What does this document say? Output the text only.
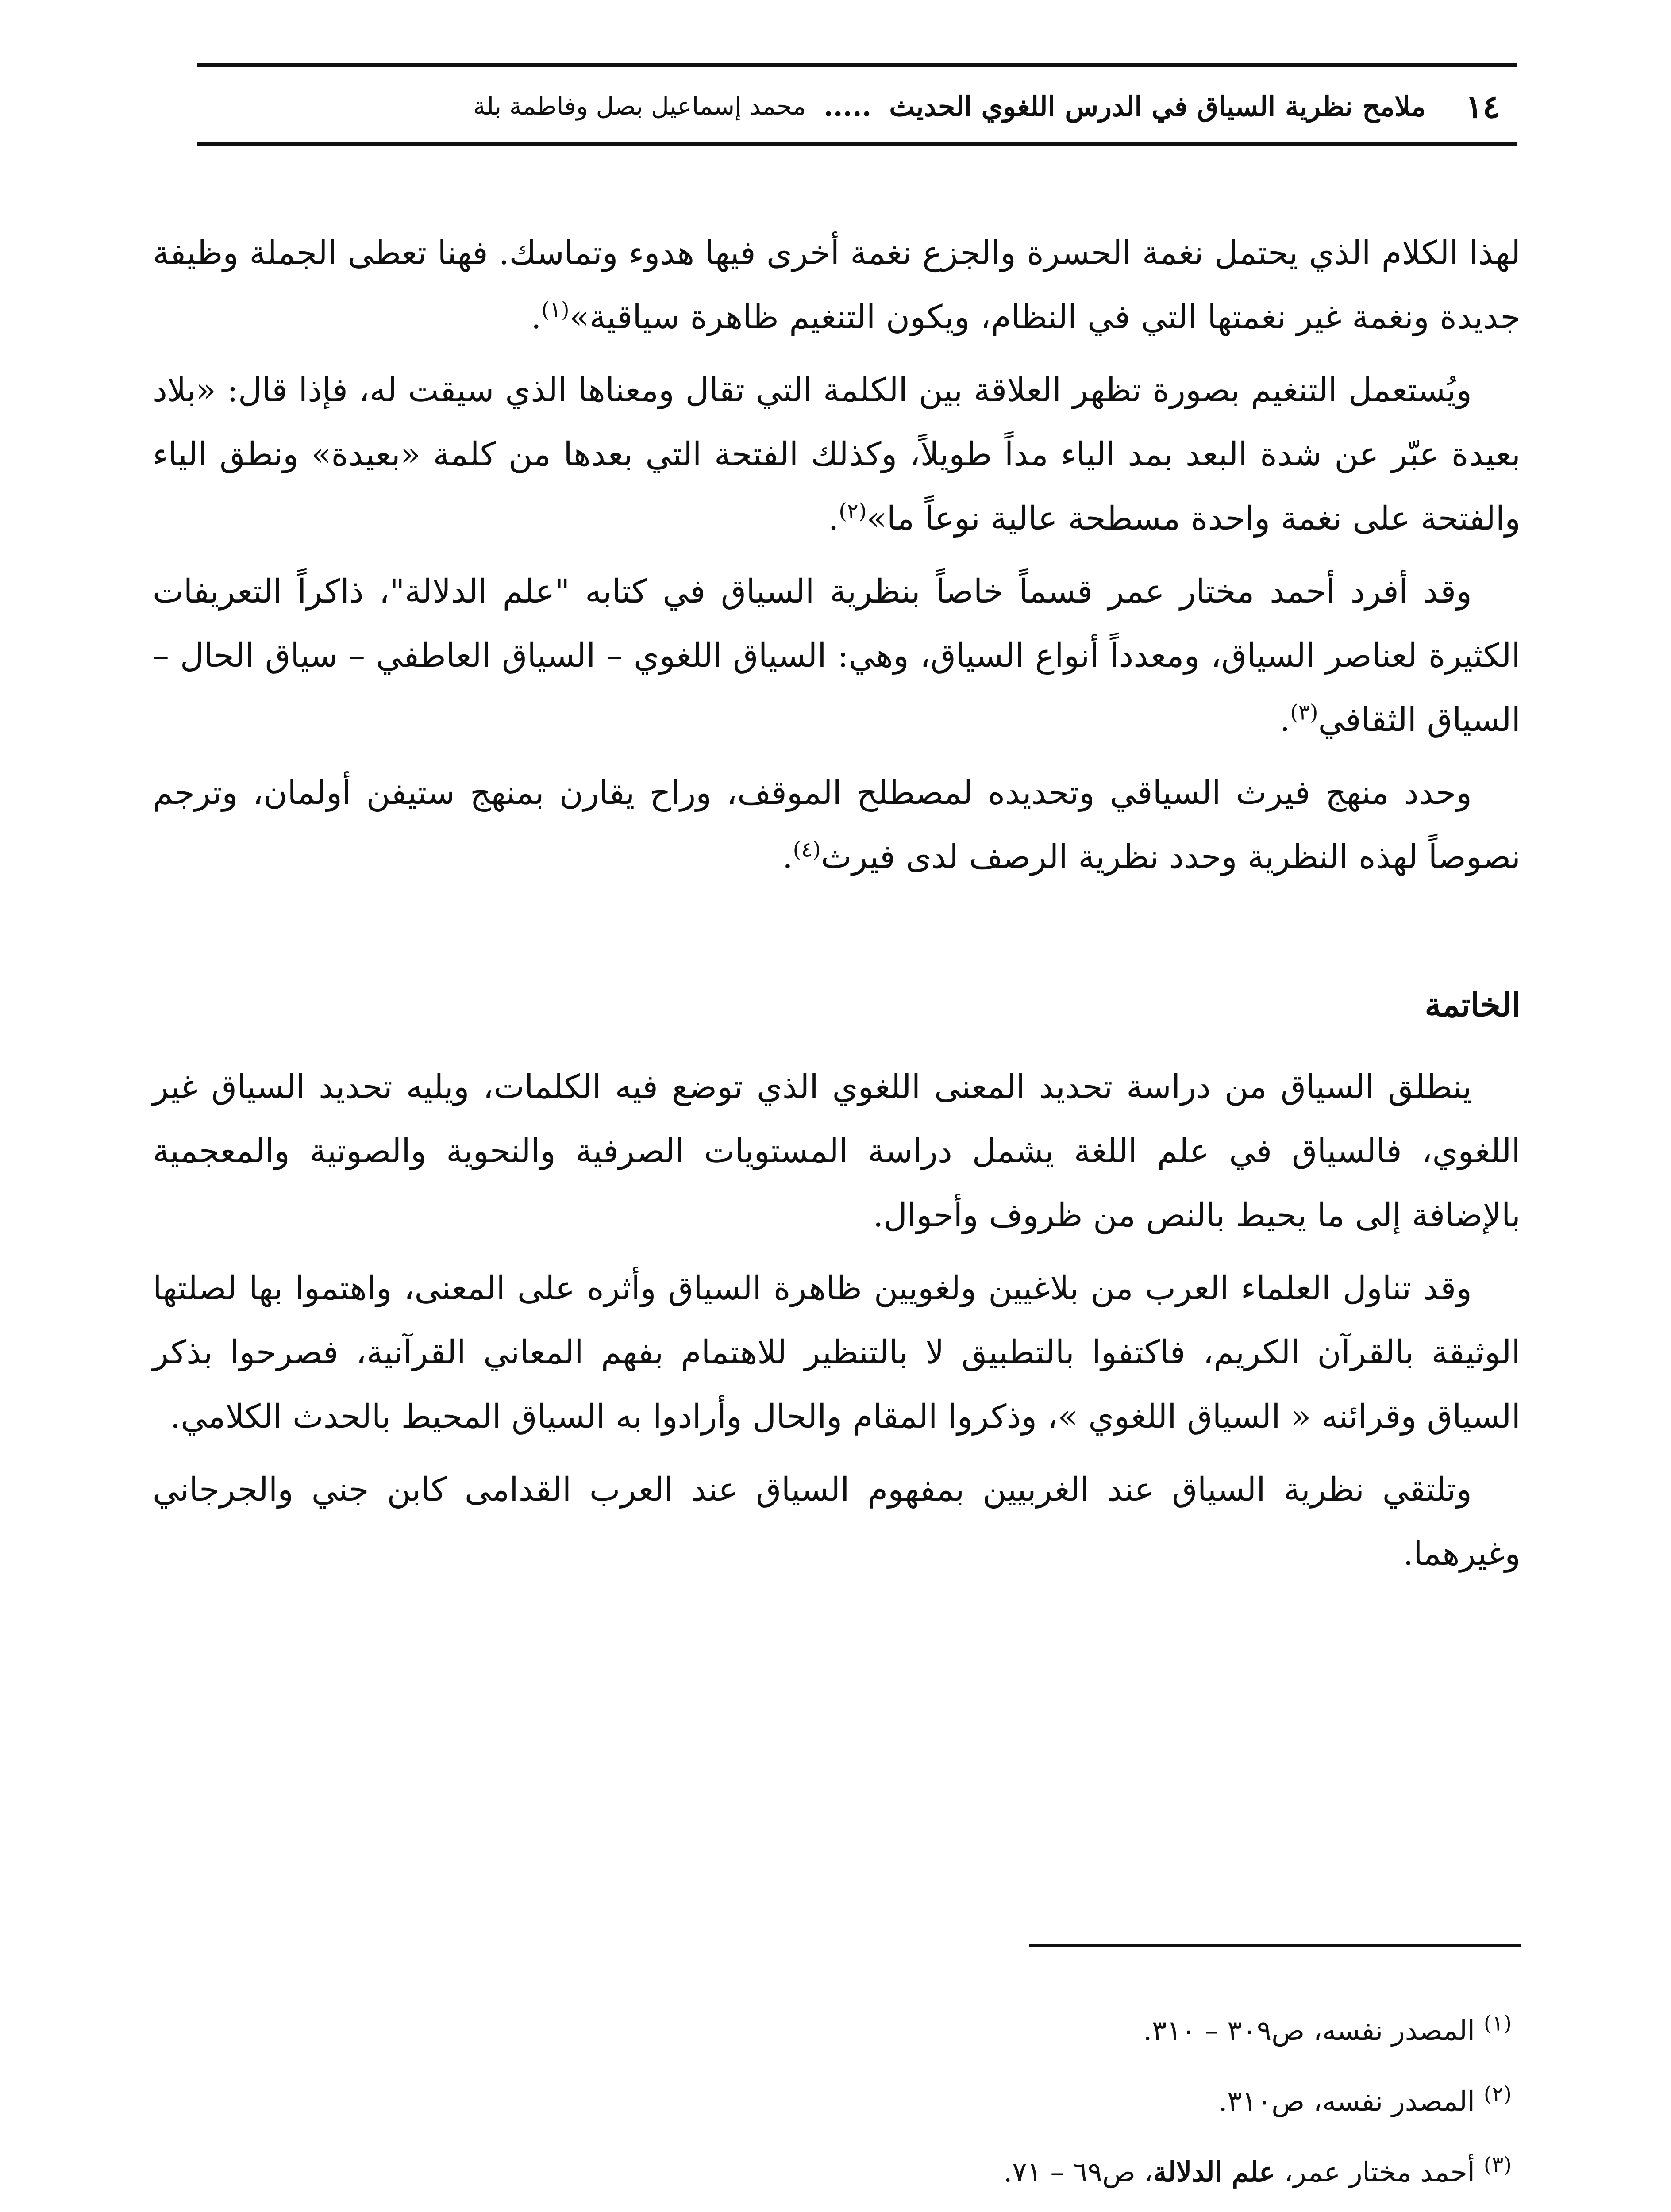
١٤
ملامح نظرية السياق في الدرس اللغوي الحديث
.....
محمد إسماعيل بصل وفاطمة بلة

لهذا الكلام الذي يحتمل نغمة الحسرة والجزع نغمة أخرى فيها هدوء وتماسك. فهنا تعطى الجملة وظيفة جديدة ونغمة غير نغمتها التي في النظام، ويكون التنغيم ظاهرة سياقية»$^{(١)}$.

ويُستعمل التنغيم بصورة تظهر العلاقة بين الكلمة التي تقال ومعناها الذي سيقت له، فإذا قال: «بلاد بعيدة عبّر عن شدة البعد بمد الياء مداً طويلاً، وكذلك الفتحة التي بعدها من كلمة «بعيدة» ونطق الياء والفتحة على نغمة واحدة مسطحة عالية نوعاً ما»$^{(٢)}$.

وقد أفرد أحمد مختار عمر قسماً خاصاً بنظرية السياق في كتابه "علم الدلالة"، ذاكراً التعريفات الكثيرة لعناصر السياق، ومعدداً أنواع السياق، وهي: السياق اللغوي – السياق العاطفي – سياق الحال – السياق الثقافي$^{(٣)}$.

وحدد منهج فيرث السياقي وتحديده لمصطلح الموقف، وراح يقارن بمنهج ستيفن أولمان، وترجم نصوصاً لهذه النظرية وحدد نظرية الرصف لدى فيرث$^{(٤)}$.

الخاتمة

ينطلق السياق من دراسة تحديد المعنى اللغوي الذي توضع فيه الكلمات، ويليه تحديد السياق غير اللغوي، فالسياق في علم اللغة يشمل دراسة المستويات الصرفية والنحوية والصوتية والمعجمية بالإضافة إلى ما يحيط بالنص من ظروف وأحوال.

وقد تناول العلماء العرب من بلاغيين ولغويين ظاهرة السياق وأثره على المعنى، واهتموا بها لصلتها الوثيقة بالقرآن الكريم، فاكتفوا بالتطبيق لا بالتنظير للاهتمام بفهم المعاني القرآنية، فصرحوا بذكر السياق وقرائنه « السياق اللغوي »، وذكروا المقام والحال وأرادوا به السياق المحيط بالحدث الكلامي.

وتلتقي نظرية السياق عند الغربيين بمفهوم السياق عند العرب القدامى كابن جني والجرجاني وغيرهما.

$^{(١)}$ المصدر نفسه، ص٣٠٩ – ٣١٠.
$^{(٢)}$ المصدر نفسه، ص٣١٠.
$^{(٣)}$ أحمد مختار عمر، علم الدلالة، ص٦٩ – ٧١.
